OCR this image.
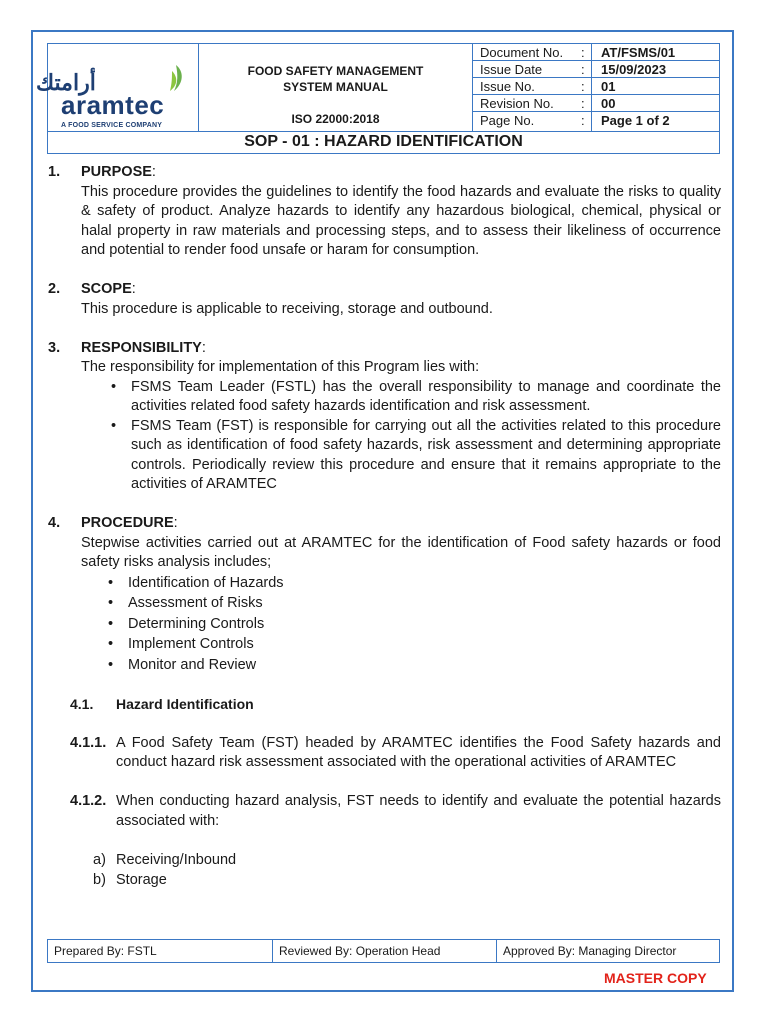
FOOD SAFETY MANAGEMENT
SYSTEM MANUAL
ISO 22000:2018
Document No. : AT/FSMS/01
Issue Date	: 15/09/2023
Issue No.	: 01
Revision No. : 00
Page No.	: Page 1 of 2
SOP - 01 : HAZARD IDENTIFICATION
أرامتك
aramtec
A FOOD SERVICE COMPANY
1. PURPOSE:
This procedure provides the guidelines to identify the food hazards and evaluate the risks to quality & safety of product. Analyze hazards to identify any hazardous biological, chemical, physical or halal property in raw materials and processing steps, and to assess their likeliness of occurrence and potential to render food unsafe or haram for consumption.
2. SCOPE:
This procedure is applicable to receiving, storage and outbound.
3. RESPONSIBILITY:
The responsibility for implementation of this Program lies with:
• FSMS Team Leader (FSTL) has the overall responsibility to manage and coordinate the activities related food safety hazards identification and risk assessment.
• FSMS Team (FST) is responsible for carrying out all the activities related to this procedure such as identification of food safety hazards, risk assessment and determining appropriate controls. Periodically review this procedure and ensure that it remains appropriate to the activities of ARAMTEC
4. PROCEDURE:
Stepwise activities carried out at ARAMTEC for the identification of Food safety hazards or food safety risks analysis includes;
• Identification of Hazards
• Assessment of Risks
• Determining Controls
• Implement Controls
• Monitor and Review
4.1. Hazard Identification
4.1.1. A Food Safety Team (FST) headed by ARAMTEC identifies the Food Safety hazards and conduct hazard risk assessment associated with the operational activities of ARAMTEC
4.1.2. When conducting hazard analysis, FST needs to identify and evaluate the potential hazards associated with:
a) Receiving/Inbound
b) Storage
Prepared By: FSTL	Reviewed By: Operation Head	Approved By: Managing Director
MASTER COPY
